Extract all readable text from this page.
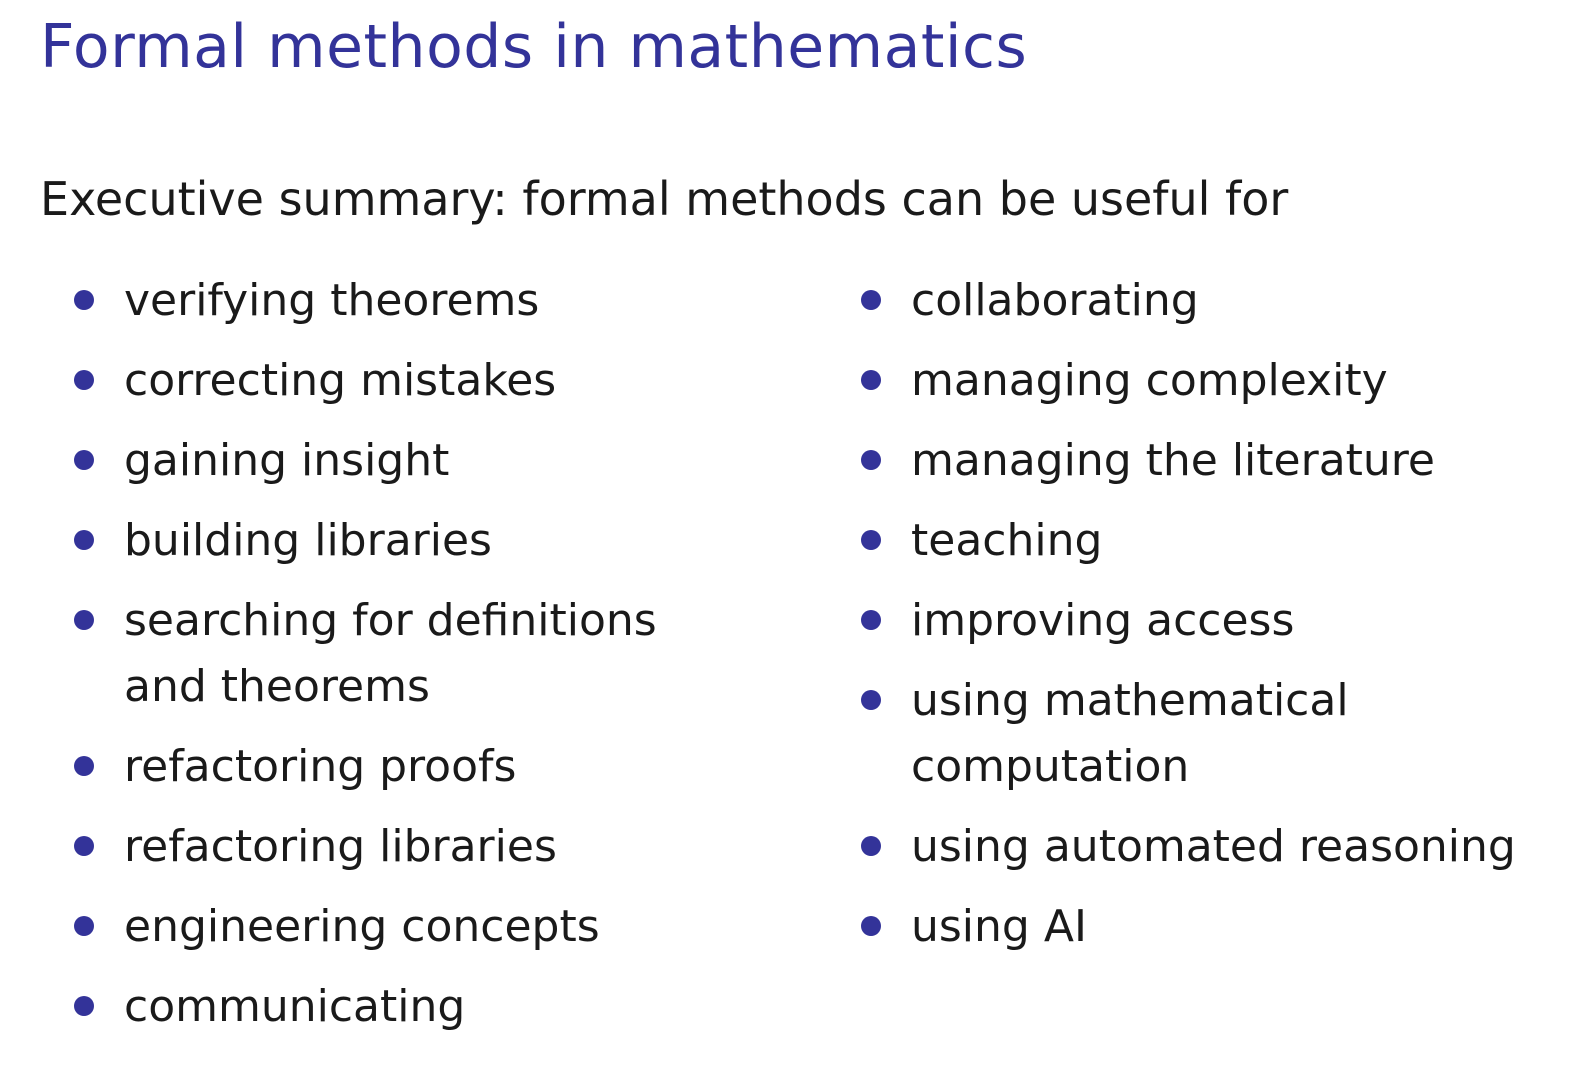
Formal methods in mathematics

Executive summary: formal methods can be useful for

verifying theorems
correcting mistakes
gaining insight
building libraries
searching for definitions and theorems
refactoring proofs
refactoring libraries
engineering concepts
communicating
collaborating
managing complexity
managing the literature
teaching
improving access
using mathematical computation
using automated reasoning
using AI
